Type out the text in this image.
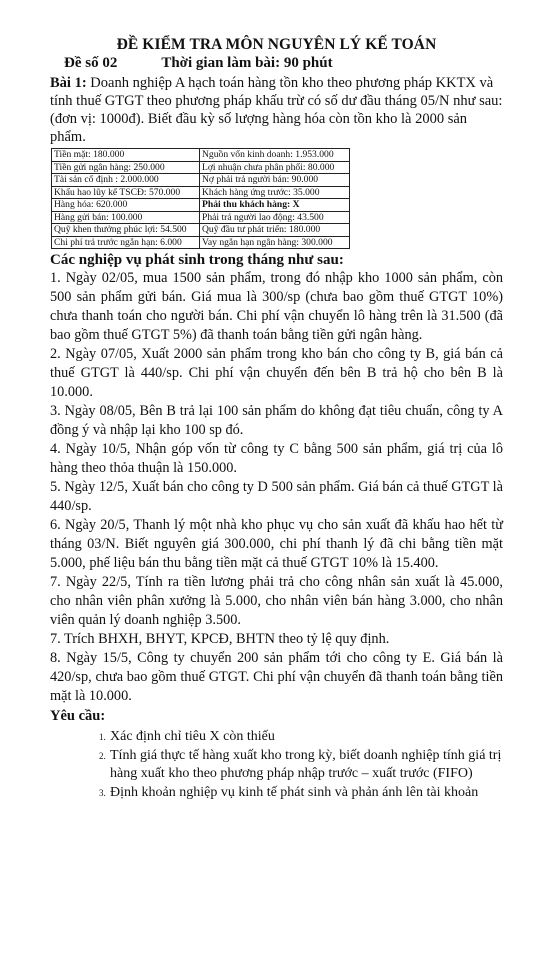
ĐỀ KIỂM TRA MÔN NGUYÊN LÝ KẾ TOÁN
Đề số 02	Thời gian làm bài: 90 phút

Bài 1: Doanh nghiệp A hạch toán hàng tồn kho theo phương pháp KKTX và tính thuế GTGT theo phương pháp khấu trừ có số dư đầu tháng 05/N như sau: (đơn vị: 1000đ). Biết đầu kỳ số lượng hàng hóa còn tồn kho là 2000 sản phẩm.

Tiền mặt: 180.000	Nguồn vốn kinh doanh: 1.953.000
Tiền gửi ngân hàng: 250.000	Lợi nhuận chưa phân phối: 80.000
Tài sản cố định : 2.000.000	Nợ phải trả người bán: 90.000
Khấu hao lũy kế TSCĐ: 570.000	Khách hàng ứng trước: 35.000
Hàng hóa: 620.000	Phải thu khách hàng: X
Hàng gửi bán: 100.000	Phải trả người lao động: 43.500
Quỹ khen thưởng phúc lợi: 54.500	Quỹ đầu tư phát triển: 180.000
Chi phí trả trước ngắn hạn: 6.000	Vay ngắn hạn ngân hàng: 300.000
Các nghiệp vụ phát sinh trong tháng như sau:

1. Ngày 02/05, mua 1500 sản phẩm, trong đó nhập kho 1000 sản phẩm, còn 500 sản phẩm gửi bán. Giá mua là 300/sp (chưa bao gồm thuế GTGT 10%) chưa thanh toán cho người bán. Chi phí vận chuyển lô hàng trên là 31.500 (đã bao gồm thuế GTGT 5%) đã thanh toán bằng tiền gửi ngân hàng.

2. Ngày 07/05, Xuất 2000 sản phẩm trong kho bán cho công ty B, giá bán cả thuế GTGT là 440/sp. Chi phí vận chuyển đến bên B trả hộ cho bên B là 10.000.

3. Ngày 08/05, Bên B trả lại 100 sản phẩm do không đạt tiêu chuẩn, công ty A đồng ý và nhập lại kho 100 sp đó.

4. Ngày 10/5, Nhận góp vốn từ công ty C bằng 500 sản phẩm, giá trị của lô hàng theo thỏa thuận là 150.000.

5. Ngày 12/5, Xuất bán cho công ty D 500 sản phẩm. Giá bán cả thuế GTGT là 440/sp.

6. Ngày 20/5, Thanh lý một nhà kho phục vụ cho sản xuất đã khấu hao hết từ tháng 03/N. Biết nguyên giá 300.000, chi phí thanh lý đã chi bằng tiền mặt 5.000, phế liệu bán thu bằng tiền mặt cả thuế GTGT 10% là 15.400.

7. Ngày 22/5, Tính ra tiền lương phải trả cho công nhân sản xuất là 45.000, cho nhân viên phân xưởng là 5.000, cho nhân viên bán hàng 3.000, cho nhân viên quản lý doanh nghiệp 3.500.

7. Trích BHXH, BHYT, KPCĐ, BHTN theo tỷ lệ quy định.

8. Ngày 15/5, Công ty chuyển 200 sản phẩm tới cho công ty E. Giá bán là 420/sp, chưa bao gồm thuế GTGT. Chi phí vận chuyển đã thanh toán bằng tiền mặt là 10.000.

Yêu cầu:
1. Xác định chỉ tiêu X còn thiếu
2. Tính giá thực tế hàng xuất kho trong kỳ, biết doanh nghiệp tính giá trị hàng xuất kho theo phương pháp nhập trước – xuất trước (FIFO)
3. Định khoản nghiệp vụ kinh tế phát sinh và phản ánh lên tài khoản
